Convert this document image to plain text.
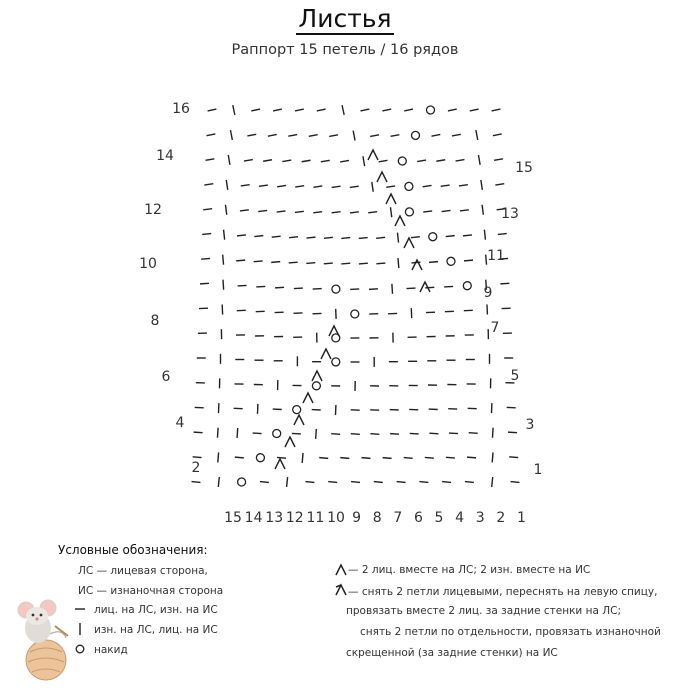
Листья
Раппорт 15 петель / 16 рядов
15 14 13 12 11 10 9 8 7 6 5 4 3 2 1
2
4
6
8
10
12
14
16
1
3
5
7
9
11
13
15
Условные обозначения:
ЛС — лицевая сторона,
ИС — изнаночная сторона
лиц. на ЛС, изн. на ИС
изн. на ЛС, лиц. на ИС
накид
— 2 лиц. вместе на ЛС; 2 изн. вместе на ИС
— снять 2 петли лицевыми, переснять на левую спицу,
провязать вместе 2 лиц. за задние стенки на ЛС;
снять 2 петли по отдельности, провязать изнаночной
скрещенной (за задние стенки) на ИС
